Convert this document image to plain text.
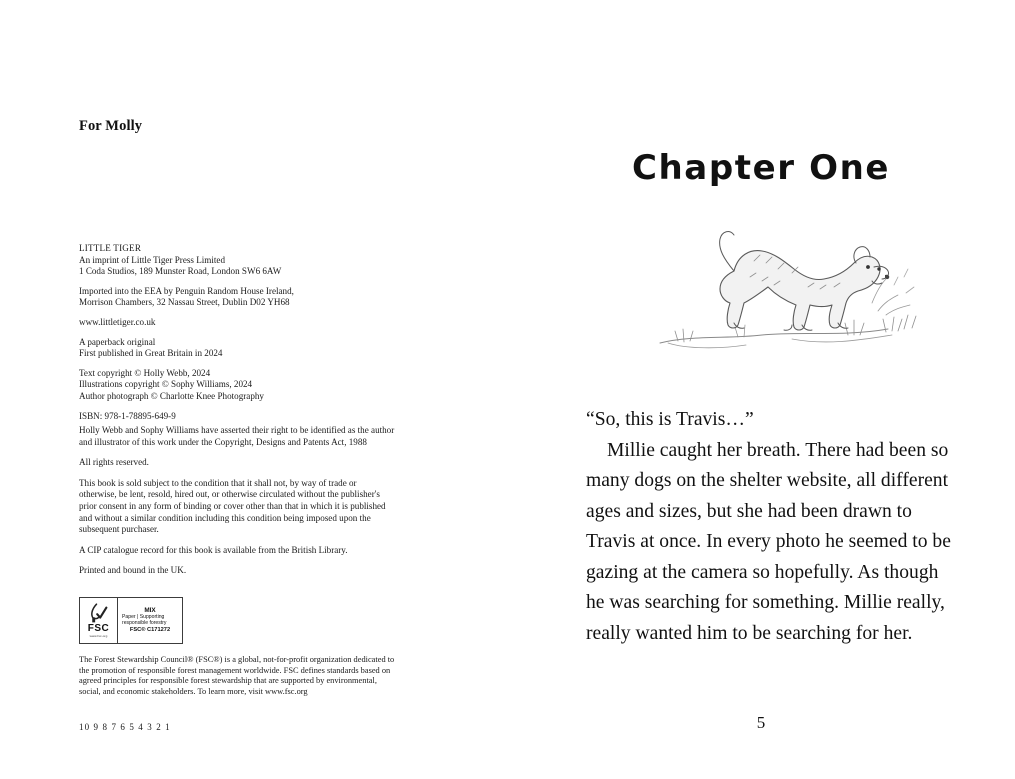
For Molly

LITTLE TIGER

An imprint of Little Tiger Press Limited

1 Coda Studios, 189 Munster Road, London SW6 6AW

Imported into the EEA by Penguin Random House Ireland,

Morrison Chambers, 32 Nassau Street, Dublin D02 YH68

www.littletiger.co.uk

A paperback original

First published in Great Britain in 2024

Text copyright © Holly Webb, 2024

Illustrations copyright © Sophy Williams, 2024

Author photograph © Charlotte Knee Photography

ISBN: 978-1-78895-649-9

Holly Webb and Sophy Williams have asserted their right to be identified as the author and illustrator of this work under the Copyright, Designs and Patents Act, 1988

All rights reserved.

This book is sold subject to the condition that it shall not, by way of trade or otherwise, be lent, resold, hired out, or otherwise circulated without the publisher's prior consent in any form of binding or cover other than that in which it is published and without a similar condition including this condition being imposed upon the subsequent purchaser.

A CIP catalogue record for this book is available from the British Library.

Printed and bound in the UK.

FSC
www.fsc.org
MIX
Paper | Supporting responsible forestry
FSC® C171272
The Forest Stewardship Council® (FSC®) is a global, not-for-profit organization dedicated to the promotion of responsible forest management worldwide. FSC defines standards based on agreed principles for responsible forest stewardship that are supported by environmental, social, and economic stakeholders. To learn more, visit www.fsc.org
10 9 8 7 6 5 4 3 2 1
Chapter One

“So, this is Travis…”

Millie caught her breath. There had been so many dogs on the shelter website, all different ages and sizes, but she had been drawn to Travis at once. In every photo he seemed to be gazing at the camera so hopefully. As though he was searching for something. Millie really, really wanted him to be searching for her.

5
